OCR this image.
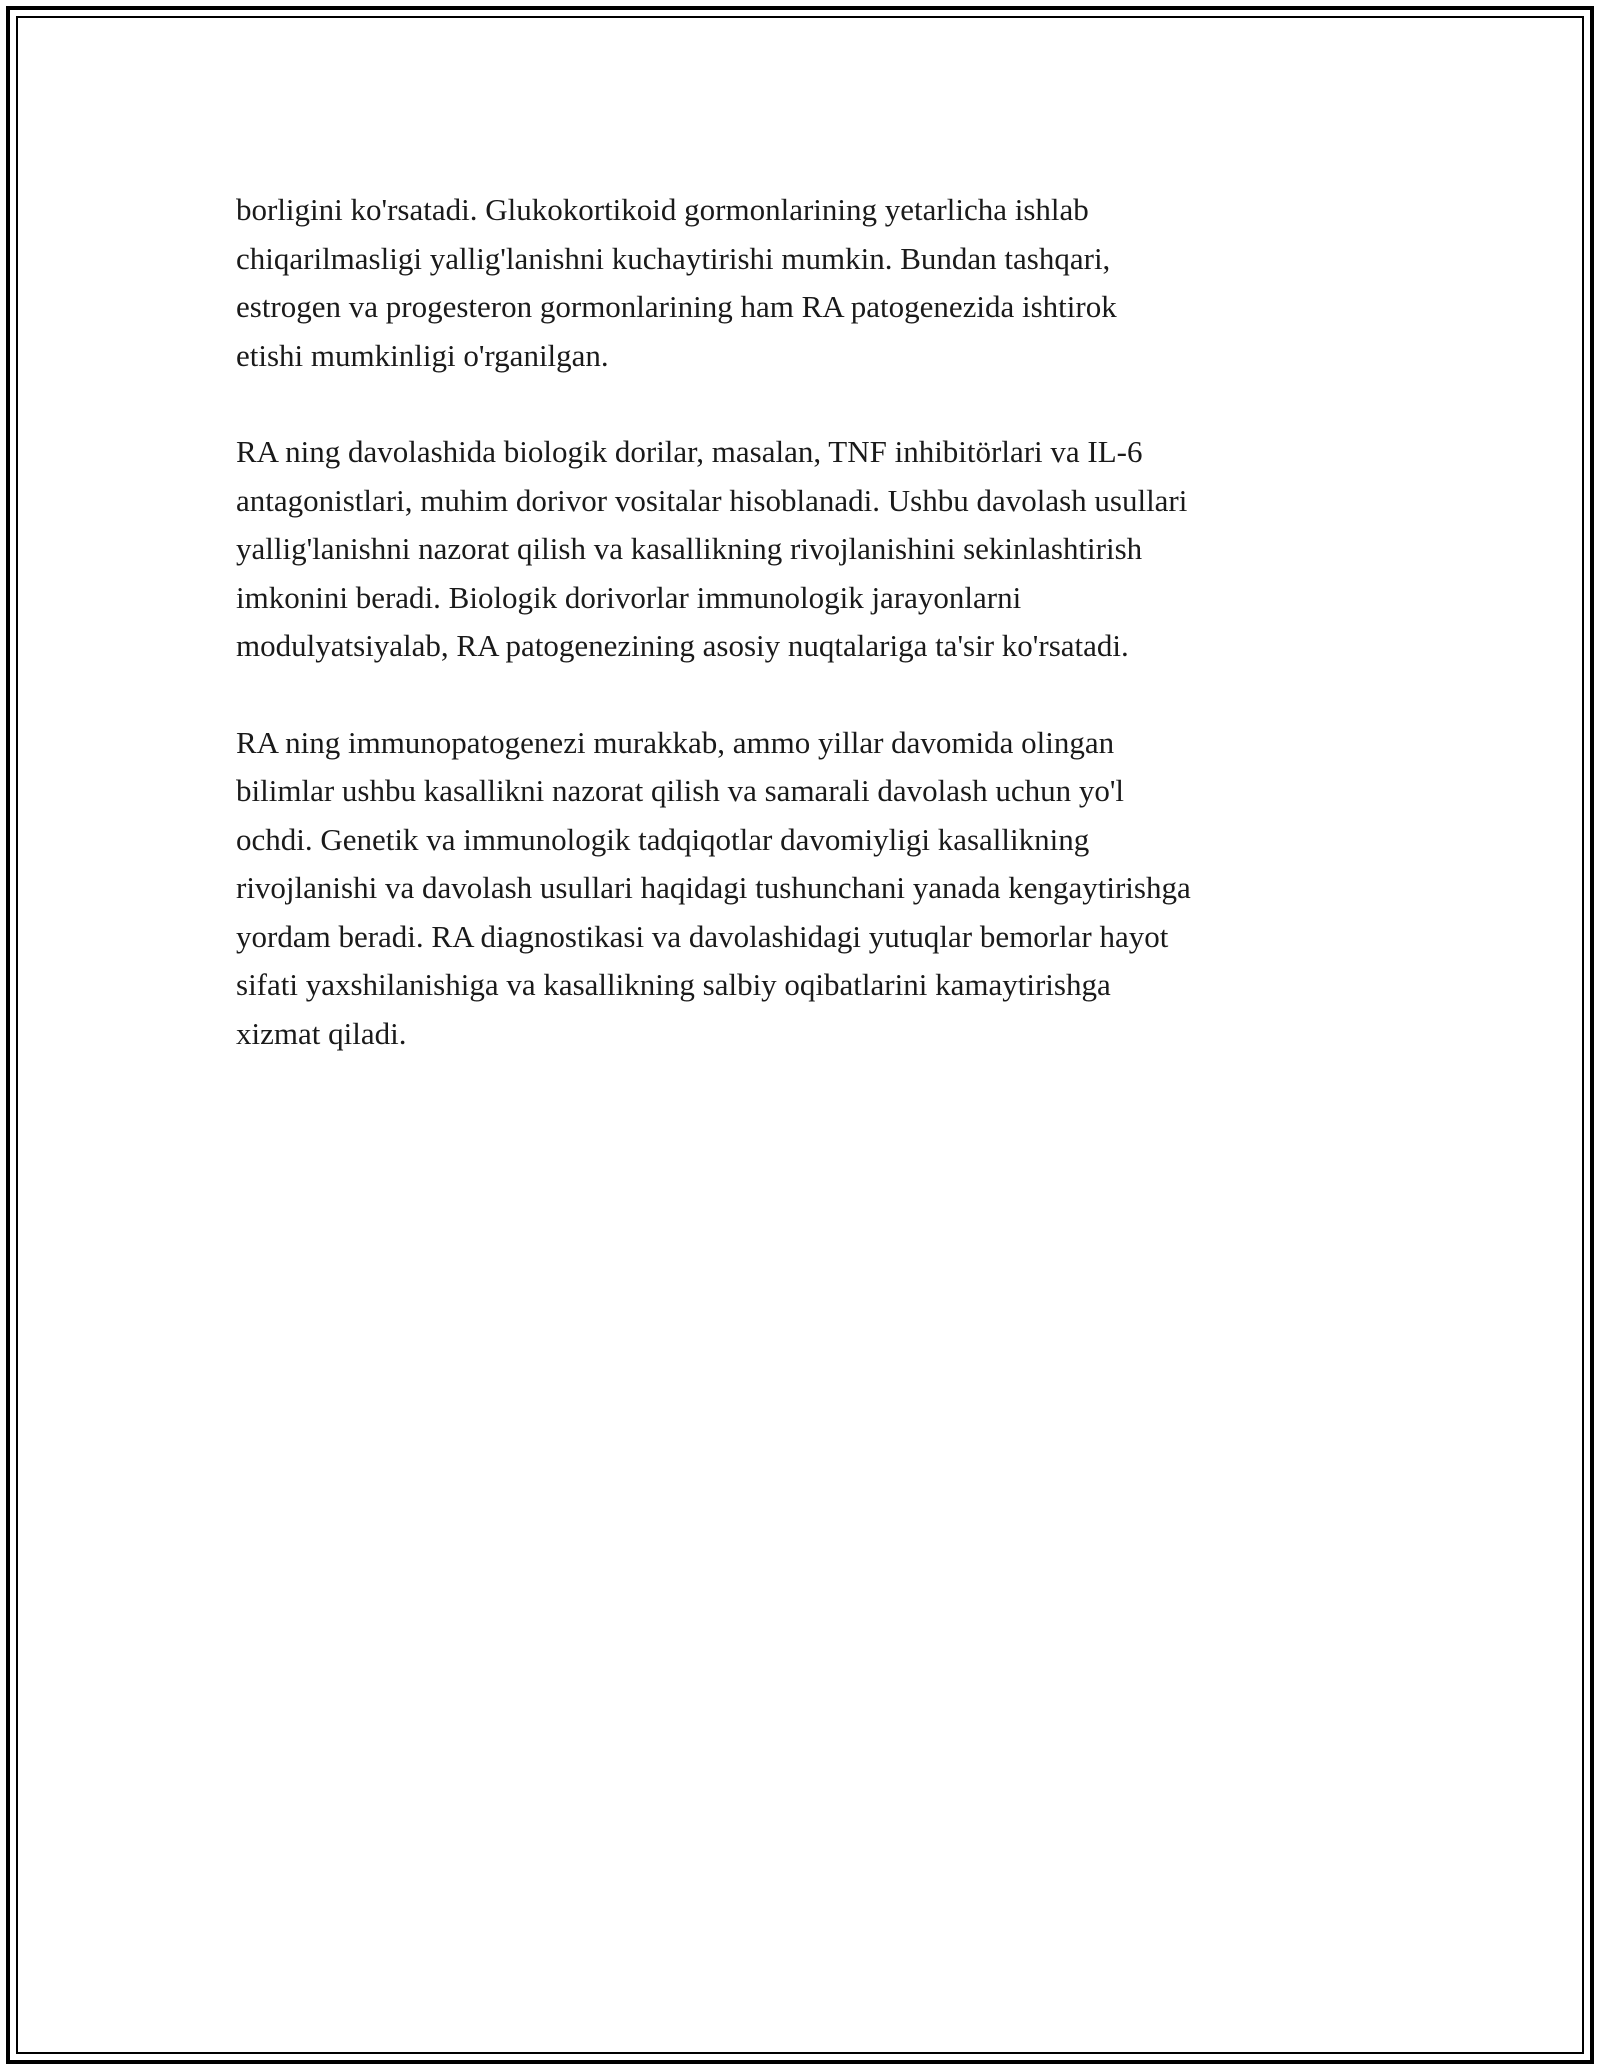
borligini ko'rsatadi. Glukokortikoid gormonlarining yetarlicha ishlab
chiqarilmasligi yallig'lanishni kuchaytirishi mumkin. Bundan tashqari,
estrogen va progesteron gormonlarining ham RA patogenezida ishtirok
etishi mumkinligi o'rganilgan.

RA ning davolashida biologik dorilar, masalan, TNF inhibitörlari va IL-6
antagonistlari, muhim dorivor vositalar hisoblanadi. Ushbu davolash usullari
yallig'lanishni nazorat qilish va kasallikning rivojlanishini sekinlashtirish
imkonini beradi. Biologik dorivorlar immunologik jarayonlarni
modulyatsiyalab, RA patogenezining asosiy nuqtalariga ta'sir ko'rsatadi.

RA ning immunopatogenezi murakkab, ammo yillar davomida olingan
bilimlar ushbu kasallikni nazorat qilish va samarali davolash uchun yo'l
ochdi. Genetik va immunologik tadqiqotlar davomiyligi kasallikning
rivojlanishi va davolash usullari haqidagi tushunchani yanada kengaytirishga
yordam beradi. RA diagnostikasi va davolashidagi yutuqlar bemorlar hayot
sifati yaxshilanishiga va kasallikning salbiy oqibatlarini kamaytirishga
xizmat qiladi.
